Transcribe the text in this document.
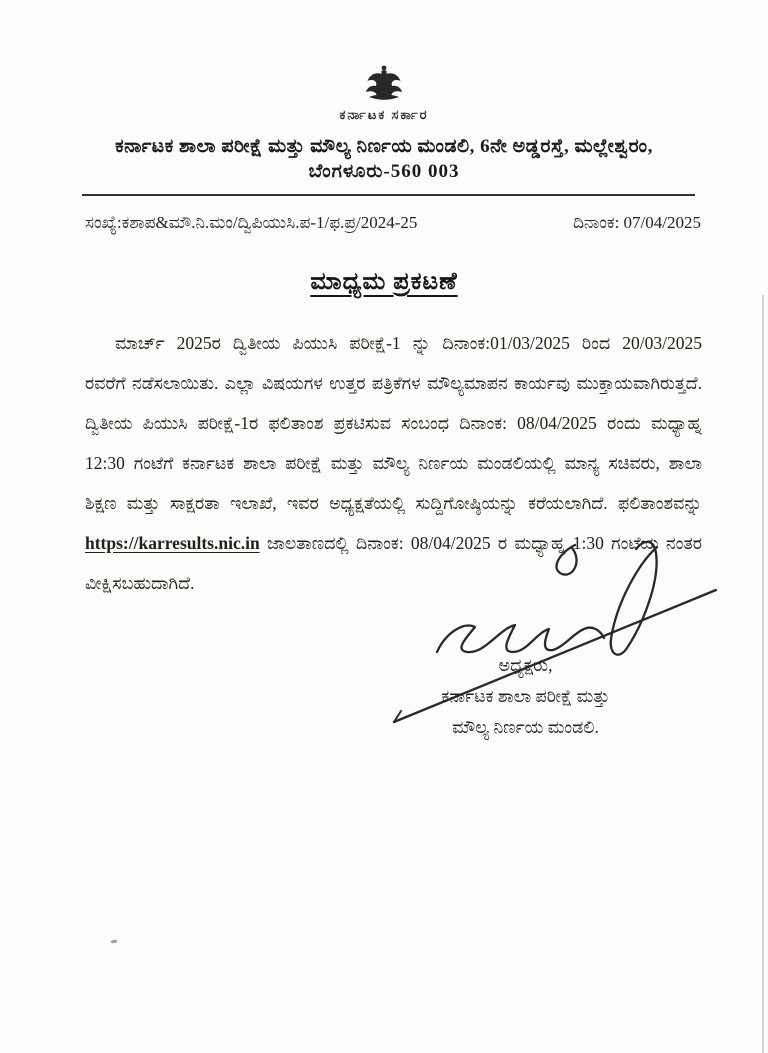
ಕರ್ನಾಟಕ ಸರ್ಕಾರ
ಕರ್ನಾಟಕ ಶಾಲಾ ಪರೀಕ್ಷೆ ಮತ್ತು ಮೌಲ್ಯ ನಿರ್ಣಯ ಮಂಡಲಿ, 6ನೇ ಅಡ್ಡರಸ್ತೆ, ಮಲ್ಲೇಶ್ವರಂ,
ಬೆಂಗಳೂರು-560 003
ಸಂಖ್ಯೆ:ಕಶಾಪ&ಮೌ.ನಿ.ಮಂ/ದ್ವಿಪಿಯುಸಿ.ಪ-1/ಫ.ಪ್ರ/2024-25	ದಿನಾಂಕ: 07/04/2025
ಮಾಧ್ಯಮ ಪ್ರಕಟಣೆ

ಮಾರ್ಚ್ 2025ರ ದ್ವಿತೀಯ ಪಿಯುಸಿ ಪರೀಕ್ಷೆ-1 ನ್ನು ದಿನಾಂಕ:01/03/2025 ರಿಂದ 20/03/2025 ರವರೆಗೆ ನಡೆಸಲಾಯಿತು. ಎಲ್ಲಾ ವಿಷಯಗಳ ಉತ್ತರ ಪತ್ರಿಕೆಗಳ ಮೌಲ್ಯಮಾಪನ ಕಾರ್ಯವು ಮುಕ್ತಾಯವಾಗಿರುತ್ತದೆ. ದ್ವಿತೀಯ ಪಿಯುಸಿ ಪರೀಕ್ಷೆ-1ರ ಫಲಿತಾಂಶ ಪ್ರಕಟಿಸುವ ಸಂಬಂಧ ದಿನಾಂಕ: 08/04/2025 ರಂದು ಮಧ್ಯಾಹ್ನ 12:30 ಗಂಟೆಗೆ ಕರ್ನಾಟಕ ಶಾಲಾ ಪರೀಕ್ಷೆ ಮತ್ತು ಮೌಲ್ಯ ನಿರ್ಣಯ ಮಂಡಲಿಯಲ್ಲಿ ಮಾನ್ಯ ಸಚಿವರು, ಶಾಲಾ ಶಿಕ್ಷಣ ಮತ್ತು ಸಾಕ್ಷರತಾ ಇಲಾಖೆ, ಇವರ ಅಧ್ಯಕ್ಷತೆಯಲ್ಲಿ ಸುದ್ದಿಗೋಷ್ಠಿಯನ್ನು ಕರೆಯಲಾಗಿದೆ. ಫಲಿತಾಂಶವನ್ನು https://karresults.nic.in ಜಾಲತಾಣದಲ್ಲಿ ದಿನಾಂಕ: 08/04/2025 ರ ಮಧ್ಯಾಹ್ನ 1:30 ಗಂಟೆಯ ನಂತರ ವೀಕ್ಷಿಸಬಹುದಾಗಿದೆ.

ಅಧ್ಯಕ್ಷರು,
ಕರ್ನಾಟಕ ಶಾಲಾ ಪರೀಕ್ಷೆ ಮತ್ತು
ಮೌಲ್ಯ ನಿರ್ಣಯ ಮಂಡಲಿ.
